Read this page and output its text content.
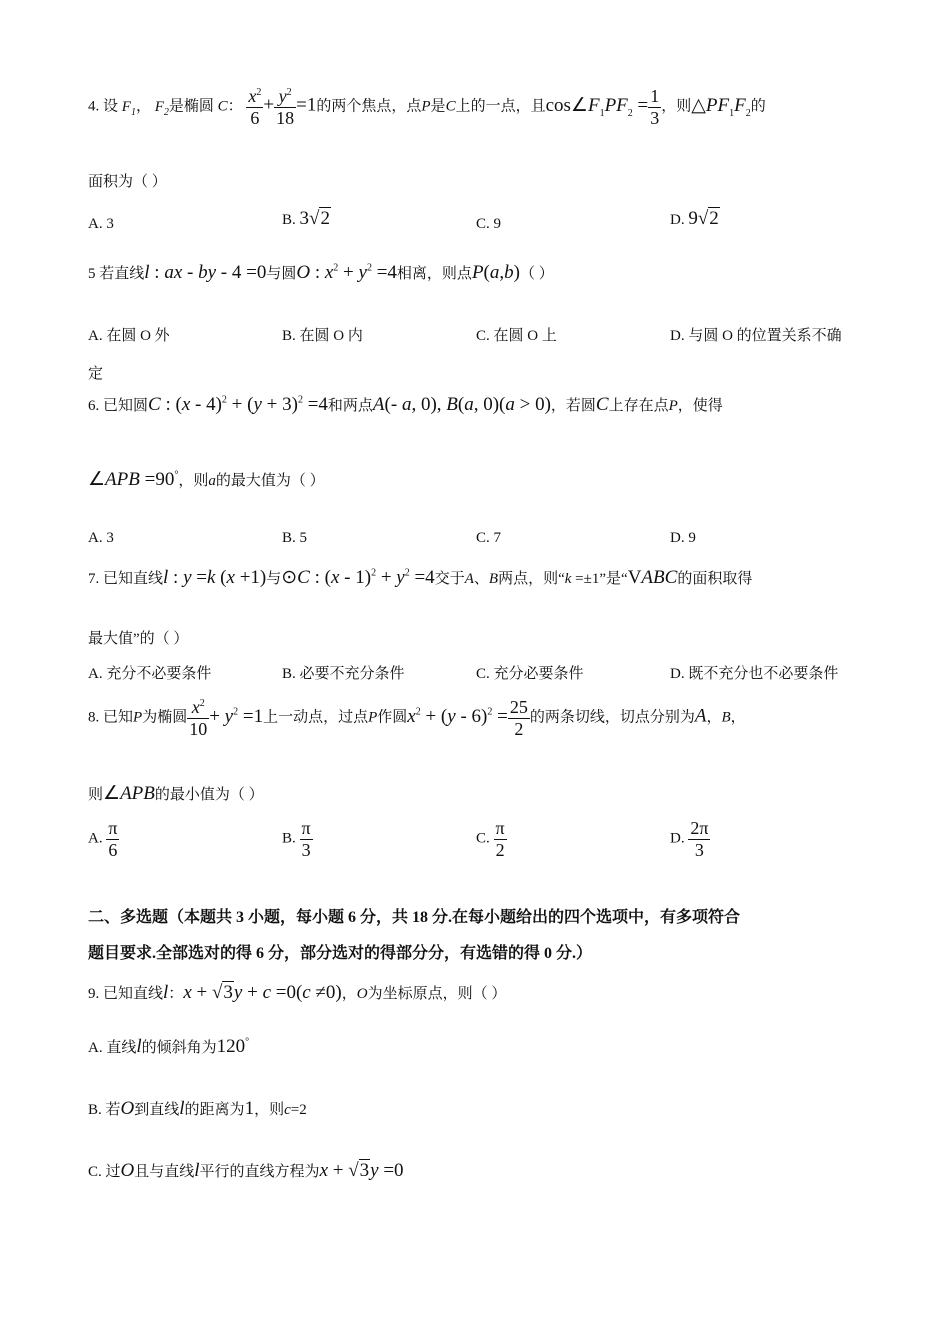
4. 设 $F_1$， $F_2$是椭圆 C： $\frac{x^2}{6} + \frac{y^2}{18} =1$的两个焦点，点P是C上的一点，且$\cos\angle F_1PF_2 = \frac{1}{3}$ ，则$\triangle PF_1F_2$的
面积为（ ）
A. 3	B. 3√2	C. 9	D. 9√2
5 若直线l : ax - by - 4 =0与圆O : $x^2 + y^2 =4$相离，则点P(a,b)（ ）
A. 在圆 O 外	B. 在圆 O 内	C. 在圆 O 上	D. 与圆 O 的位置关系不确
定
6. 已知圆C : $(x - 4)^2 + (y + 3)^2 =4$和两点A(- a, 0), B(a, 0)(a > 0)，若圆C上存在点P，使得
∠APB =90°，则a的最大值为（ ）
A. 3	B. 5	C. 7	D. 9
7. 已知直线l : y =k (x +1)与⊙C : $(x - 1)^2 + y^2 =4$交于A、B两点，则“k =±1”是“VABC的面积取得
最大值”的（ ）
A. 充分不必要条件	B. 必要不充分条件	C. 充分必要条件	D. 既不充分也不必要条件
8. 已知P为椭圆 $\frac{x^2}{10} + y^2 =1$上一动点，过点P作圆$x^2 + (y - 6)^2 = \frac{25}{2}$ 的两条切线，切点分别为A，B，
则∠APB的最小值为（ ）
A. $\frac{\pi}{6}$	B. $\frac{\pi}{3}$	C. $\frac{\pi}{2}$	D. $\frac{2\pi}{3}$
二、多选题（本题共 3 小题，每小题 6 分，共 18 分.在每小题给出的四个选项中，有多项符合
题目要求.全部选对的得 6 分，部分选对的得部分分，有选错的得 0 分.）
9. 已知直线l：x + √3y + c =0(c ≠0)，O为坐标原点，则（ ）
A. 直线l的倾斜角为120°
B. 若O到直线l的距离为1，则c=2
C. 过O且与直线l平行的直线方程为x + √3y =0
